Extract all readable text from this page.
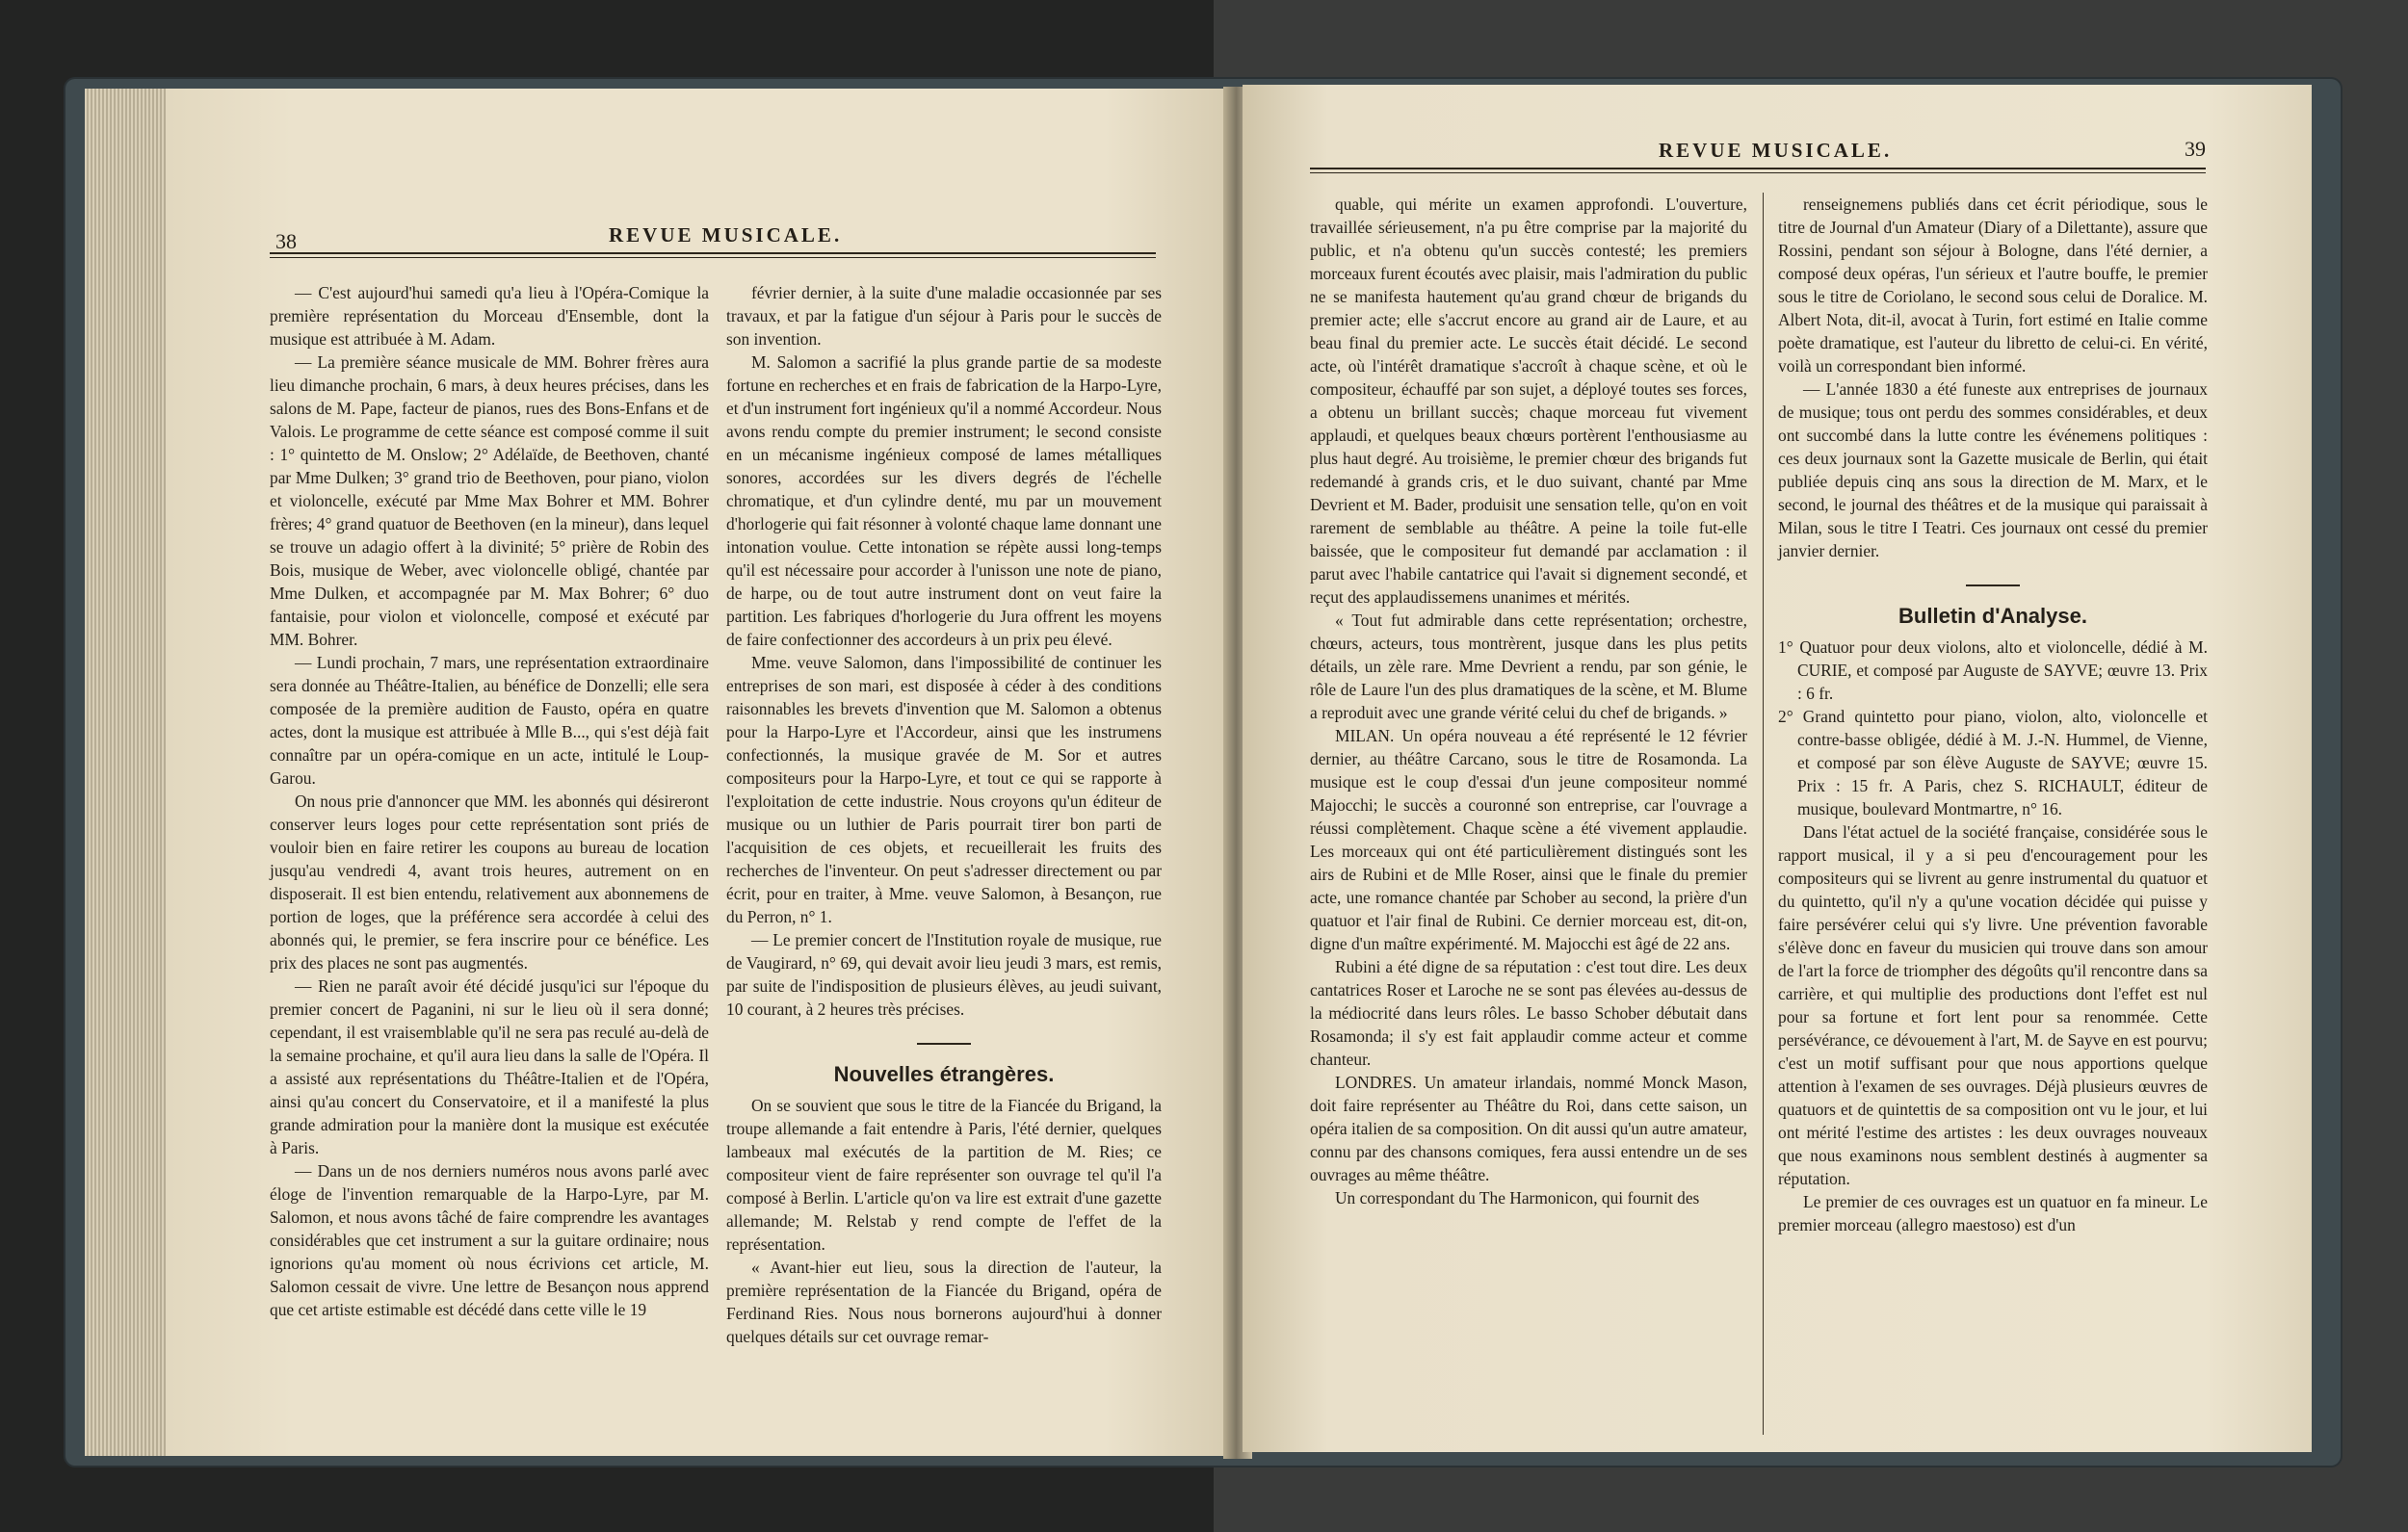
38	REVUE MUSICALE.

— C'est aujourd'hui samedi qu'a lieu à l'Opéra-Comique la première représentation du Morceau d'Ensemble, dont la musique est attribuée à M. Adam.

— La première séance musicale de MM. Bohrer frères aura lieu dimanche prochain, 6 mars, à deux heures précises, dans les salons de M. Pape, facteur de pianos, rues des Bons-Enfans et de Valois. Le programme de cette séance est composé comme il suit : 1° quintetto de M. Onslow; 2° Adélaïde, de Beethoven, chanté par Mme Dulken; 3° grand trio de Beethoven, pour piano, violon et violoncelle, exécuté par Mme Max Bohrer et MM. Bohrer frères; 4° grand quatuor de Beethoven (en la mineur), dans lequel se trouve un adagio offert à la divinité; 5° prière de Robin des Bois, musique de Weber, avec violoncelle obligé, chantée par Mme Dulken, et accompagnée par M. Max Bohrer; 6° duo fantaisie, pour violon et violoncelle, composé et exécuté par MM. Bohrer.

— Lundi prochain, 7 mars, une représentation extraordinaire sera donnée au Théâtre-Italien, au bénéfice de Donzelli; elle sera composée de la première audition de Fausto, opéra en quatre actes, dont la musique est attribuée à Mlle B..., qui s'est déjà fait connaître par un opéra-comique en un acte, intitulé le Loup-Garou.

On nous prie d'annoncer que MM. les abonnés qui désireront conserver leurs loges pour cette représentation sont priés de vouloir bien en faire retirer les coupons au bureau de location jusqu'au vendredi 4, avant trois heures, autrement on en disposerait. Il est bien entendu, relativement aux abonnemens de portion de loges, que la préférence sera accordée à celui des abonnés qui, le premier, se fera inscrire pour ce bénéfice. Les prix des places ne sont pas augmentés.

— Rien ne paraît avoir été décidé jusqu'ici sur l'époque du premier concert de Paganini, ni sur le lieu où il sera donné; cependant, il est vraisemblable qu'il ne sera pas reculé au-delà de la semaine prochaine, et qu'il aura lieu dans la salle de l'Opéra. Il a assisté aux représentations du Théâtre-Italien et de l'Opéra, ainsi qu'au concert du Conservatoire, et il a manifesté la plus grande admiration pour la manière dont la musique est exécutée à Paris.

— Dans un de nos derniers numéros nous avons parlé avec éloge de l'invention remarquable de la Harpo-Lyre, par M. Salomon, et nous avons tâché de faire comprendre les avantages considérables que cet instrument a sur la guitare ordinaire; nous ignorions qu'au moment où nous écrivions cet article, M. Salomon cessait de vivre. Une lettre de Besançon nous apprend que cet artiste estimable est décédé dans cette ville le 19

février dernier, à la suite d'une maladie occasionnée par ses travaux, et par la fatigue d'un séjour à Paris pour le succès de son invention.

M. Salomon a sacrifié la plus grande partie de sa modeste fortune en recherches et en frais de fabrication de la Harpo-Lyre, et d'un instrument fort ingénieux qu'il a nommé Accordeur. Nous avons rendu compte du premier instrument; le second consiste en un mécanisme ingénieux composé de lames métalliques sonores, accordées sur les divers degrés de l'échelle chromatique, et d'un cylindre denté, mu par un mouvement d'horlogerie qui fait résonner à volonté chaque lame donnant une intonation voulue. Cette intonation se répète aussi long-temps qu'il est nécessaire pour accorder à l'unisson une note de piano, de harpe, ou de tout autre instrument dont on veut faire la partition. Les fabriques d'horlogerie du Jura offrent les moyens de faire confectionner des accordeurs à un prix peu élevé.

Mme. veuve Salomon, dans l'impossibilité de continuer les entreprises de son mari, est disposée à céder à des conditions raisonnables les brevets d'invention que M. Salomon a obtenus pour la Harpo-Lyre et l'Accordeur, ainsi que les instrumens confectionnés, la musique gravée de M. Sor et autres compositeurs pour la Harpo-Lyre, et tout ce qui se rapporte à l'exploitation de cette industrie. Nous croyons qu'un éditeur de musique ou un luthier de Paris pourrait tirer bon parti de l'acquisition de ces objets, et recueillerait les fruits des recherches de l'inventeur. On peut s'adresser directement ou par écrit, pour en traiter, à Mme. veuve Salomon, à Besançon, rue du Perron, n° 1.

— Le premier concert de l'Institution royale de musique, rue de Vaugirard, n° 69, qui devait avoir lieu jeudi 3 mars, est remis, par suite de l'indisposition de plusieurs élèves, au jeudi suivant, 10 courant, à 2 heures très précises.

Nouvelles étrangères.

On se souvient que sous le titre de la Fiancée du Brigand, la troupe allemande a fait entendre à Paris, l'été dernier, quelques lambeaux mal exécutés de la partition de M. Ries; ce compositeur vient de faire représenter son ouvrage tel qu'il l'a composé à Berlin. L'article qu'on va lire est extrait d'une gazette allemande; M. Relstab y rend compte de l'effet de la représentation.

« Avant-hier eut lieu, sous la direction de l'auteur, la première représentation de la Fiancée du Brigand, opéra de Ferdinand Ries. Nous nous bornerons aujourd'hui à donner quelques détails sur cet ouvrage remar-

REVUE MUSICALE.	39

quable, qui mérite un examen approfondi. L'ouverture, travaillée sérieusement, n'a pu être comprise par la majorité du public, et n'a obtenu qu'un succès contesté; les premiers morceaux furent écoutés avec plaisir, mais l'admiration du public ne se manifesta hautement qu'au grand chœur de brigands du premier acte; elle s'accrut encore au grand air de Laure, et au beau final du premier acte. Le succès était décidé. Le second acte, où l'intérêt dramatique s'accroît à chaque scène, et où le compositeur, échauffé par son sujet, a déployé toutes ses forces, a obtenu un brillant succès; chaque morceau fut vivement applaudi, et quelques beaux chœurs portèrent l'enthousiasme au plus haut degré. Au troisième, le premier chœur des brigands fut redemandé à grands cris, et le duo suivant, chanté par Mme Devrient et M. Bader, produisit une sensation telle, qu'on en voit rarement de semblable au théâtre. A peine la toile fut-elle baissée, que le compositeur fut demandé par acclamation : il parut avec l'habile cantatrice qui l'avait si dignement secondé, et reçut des applaudissemens unanimes et mérités.

« Tout fut admirable dans cette représentation; orchestre, chœurs, acteurs, tous montrèrent, jusque dans les plus petits détails, un zèle rare. Mme Devrient a rendu, par son génie, le rôle de Laure l'un des plus dramatiques de la scène, et M. Blume a reproduit avec une grande vérité celui du chef de brigands. »

MILAN. Un opéra nouveau a été représenté le 12 février dernier, au théâtre Carcano, sous le titre de Rosamonda. La musique est le coup d'essai d'un jeune compositeur nommé Majocchi; le succès a couronné son entreprise, car l'ouvrage a réussi complètement. Chaque scène a été vivement applaudie. Les morceaux qui ont été particulièrement distingués sont les airs de Rubini et de Mlle Roser, ainsi que le finale du premier acte, une romance chantée par Schober au second, la prière d'un quatuor et l'air final de Rubini. Ce dernier morceau est, dit-on, digne d'un maître expérimenté. M. Majocchi est âgé de 22 ans.

Rubini a été digne de sa réputation : c'est tout dire. Les deux cantatrices Roser et Laroche ne se sont pas élevées au-dessus de la médiocrité dans leurs rôles. Le basso Schober débutait dans Rosamonda; il s'y est fait applaudir comme acteur et comme chanteur.

LONDRES. Un amateur irlandais, nommé Monck Mason, doit faire représenter au Théâtre du Roi, dans cette saison, un opéra italien de sa composition. On dit aussi qu'un autre amateur, connu par des chansons comiques, fera aussi entendre un de ses ouvrages au même théâtre.

Un correspondant du The Harmonicon, qui fournit des

renseignemens publiés dans cet écrit périodique, sous le titre de Journal d'un Amateur (Diary of a Dilettante), assure que Rossini, pendant son séjour à Bologne, dans l'été dernier, a composé deux opéras, l'un sérieux et l'autre bouffe, le premier sous le titre de Coriolano, le second sous celui de Doralice. M. Albert Nota, dit-il, avocat à Turin, fort estimé en Italie comme poète dramatique, est l'auteur du libretto de celui-ci. En vérité, voilà un correspondant bien informé.

— L'année 1830 a été funeste aux entreprises de journaux de musique; tous ont perdu des sommes considérables, et deux ont succombé dans la lutte contre les événemens politiques : ces deux journaux sont la Gazette musicale de Berlin, qui était publiée depuis cinq ans sous la direction de M. Marx, et le second, le journal des théâtres et de la musique qui paraissait à Milan, sous le titre I Teatri. Ces journaux ont cessé du premier janvier dernier.

Bulletin d'Analyse.

1° Quatuor pour deux violons, alto et violoncelle, dédié à M. CURIE, et composé par Auguste de SAYVE; œuvre 13. Prix : 6 fr.

2° Grand quintetto pour piano, violon, alto, violoncelle et contre-basse obligée, dédié à M. J.-N. Hummel, de Vienne, et composé par son élève Auguste de SAYVE; œuvre 15. Prix : 15 fr. A Paris, chez S. RICHAULT, éditeur de musique, boulevard Montmartre, n° 16.

Dans l'état actuel de la société française, considérée sous le rapport musical, il y a si peu d'encouragement pour les compositeurs qui se livrent au genre instrumental du quatuor et du quintetto, qu'il n'y a qu'une vocation décidée qui puisse y faire persévérer celui qui s'y livre. Une prévention favorable s'élève donc en faveur du musicien qui trouve dans son amour de l'art la force de triompher des dégoûts qu'il rencontre dans sa carrière, et qui multiplie des productions dont l'effet est nul pour sa fortune et fort lent pour sa renommée. Cette persévérance, ce dévouement à l'art, M. de Sayve en est pourvu; c'est un motif suffisant pour que nous apportions quelque attention à l'examen de ses ouvrages. Déjà plusieurs œuvres de quatuors et de quintettis de sa composition ont vu le jour, et lui ont mérité l'estime des artistes : les deux ouvrages nouveaux que nous examinons nous semblent destinés à augmenter sa réputation.

Le premier de ces ouvrages est un quatuor en fa mineur. Le premier morceau (allegro maestoso) est d'un
